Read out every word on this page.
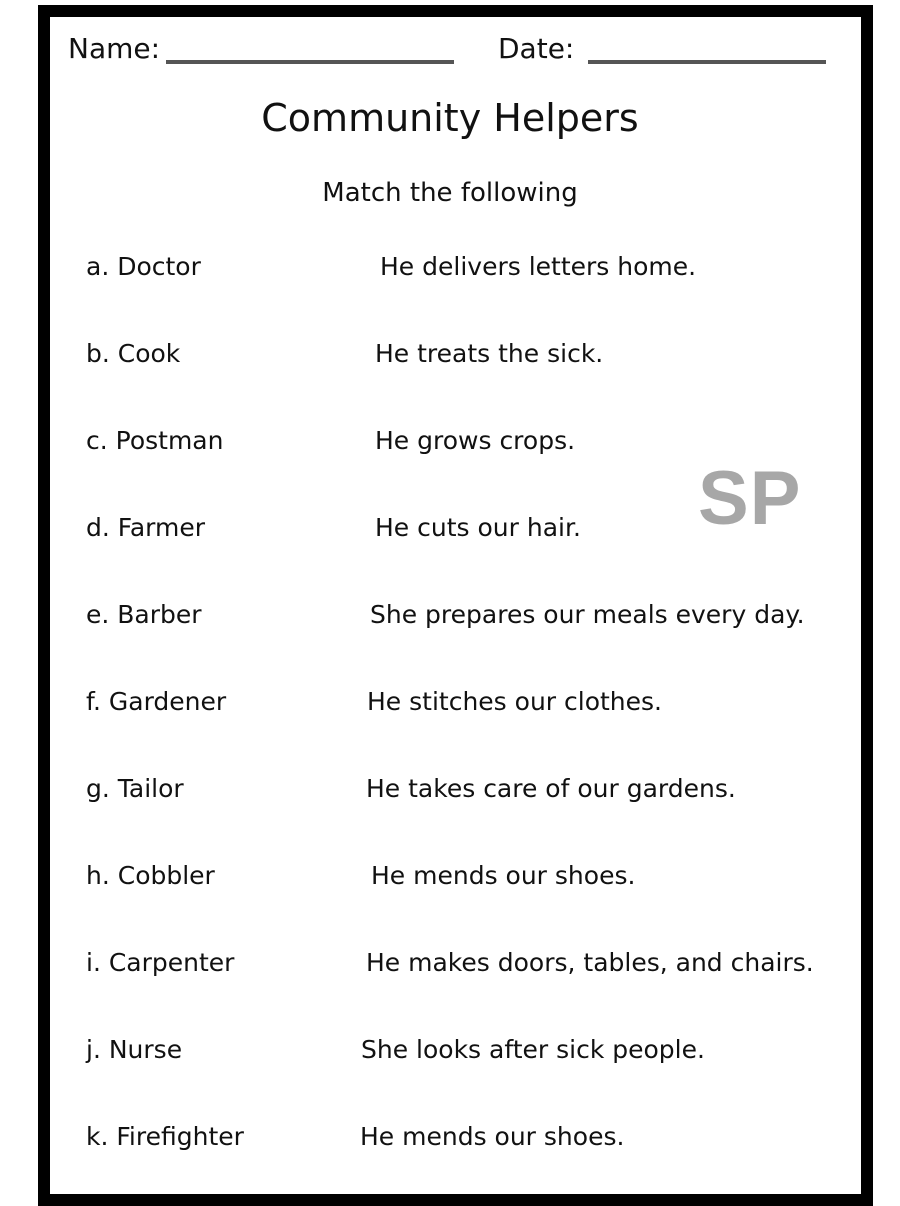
Name:	Date:
Community Helpers
Match the following
SP
a. Doctor	He delivers letters home.
b. Cook	He treats the sick.
c. Postman	He grows crops.
d. Farmer	He cuts our hair.
e. Barber	She prepares our meals every day.
f. Gardener	He stitches our clothes.
g. Tailor	He takes care of our gardens.
h. Cobbler	He mends our shoes.
i. Carpenter	He makes doors, tables, and chairs.
j. Nurse	She looks after sick people.
k. Firefighter	He mends our shoes.
